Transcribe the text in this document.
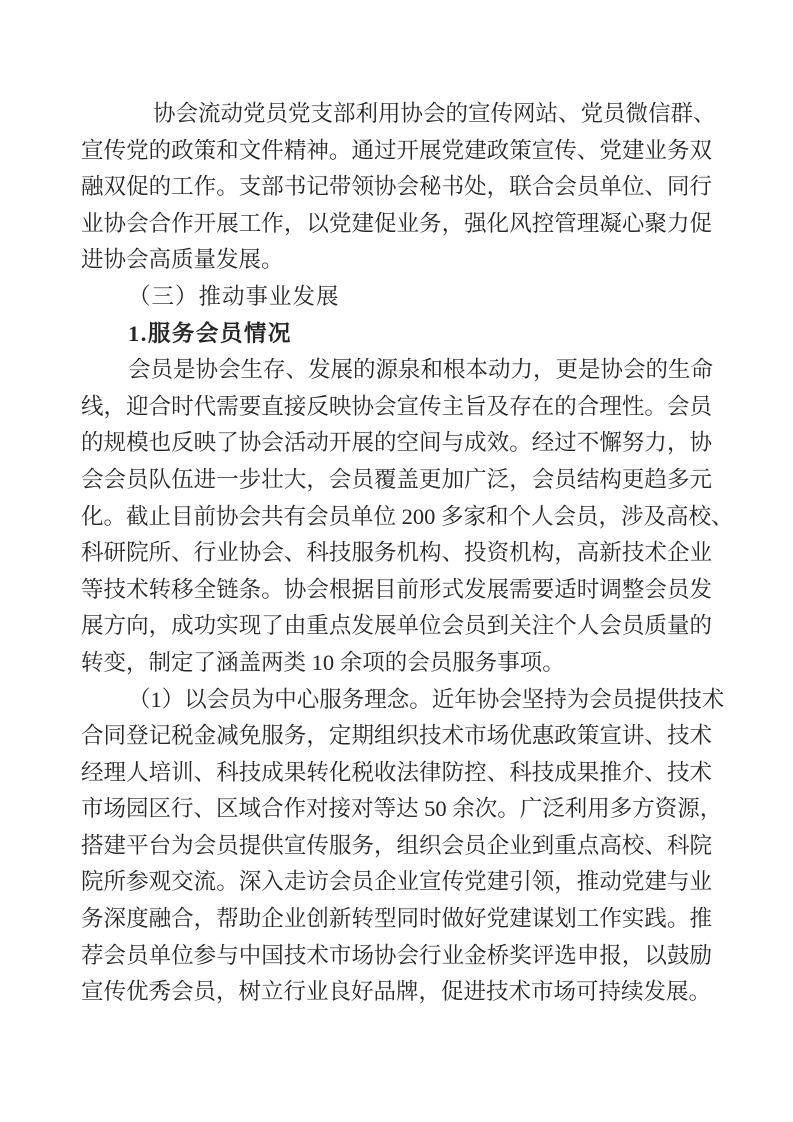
协会流动党员党支部利用协会的宣传网站、党员微信群、
宣传党的政策和文件精神。通过开展党建政策宣传、党建业务双
融双促的工作。支部书记带领协会秘书处，联合会员单位、同行
业协会合作开展工作，以党建促业务，强化风控管理凝心聚力促
进协会高质量发展。
（三）推动事业发展
1.服务会员情况
会员是协会生存、发展的源泉和根本动力，更是协会的生命
线，迎合时代需要直接反映协会宣传主旨及存在的合理性。会员
的规模也反映了协会活动开展的空间与成效。经过不懈努力，协
会会员队伍进一步壮大，会员覆盖更加广泛，会员结构更趋多元
化。截止目前协会共有会员单位 200 多家和个人会员，涉及高校、
科研院所、行业协会、科技服务机构、投资机构，高新技术企业
等技术转移全链条。协会根据目前形式发展需要适时调整会员发
展方向，成功实现了由重点发展单位会员到关注个人会员质量的
转变，制定了涵盖两类 10 余项的会员服务事项。
（1）以会员为中心服务理念。近年协会坚持为会员提供技术
合同登记税金减免服务，定期组织技术市场优惠政策宣讲、技术
经理人培训、科技成果转化税收法律防控、科技成果推介、技术
市场园区行、区域合作对接对等达 50 余次。广泛利用多方资源，
搭建平台为会员提供宣传服务，组织会员企业到重点高校、科院
院所参观交流。深入走访会员企业宣传党建引领，推动党建与业
务深度融合，帮助企业创新转型同时做好党建谋划工作实践。推
荐会员单位参与中国技术市场协会行业金桥奖评选申报，以鼓励
宣传优秀会员，树立行业良好品牌，促进技术市场可持续发展。
